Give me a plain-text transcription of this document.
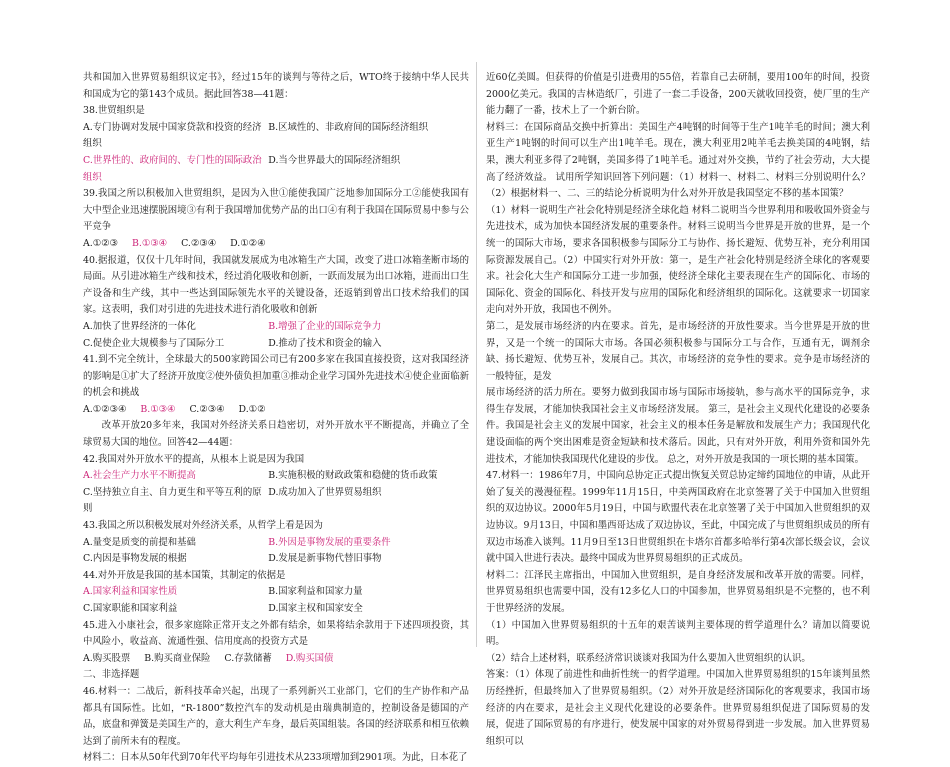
共和国加入世界贸易组织议定书》，经过15年的谈判与等待之后，WTO终于接纳中华人民共和国成为它的第143个成员。据此回答38—41题：

38.世贸组织是

A.专门协调对发展中国家贷款和投资的经济组织
B.区域性的、非政府间的国际经济组织
C.世界性的、政府间的、专门性的国际政治组织
D.当今世界最大的国际经济组织

39.我国之所以积极加入世贸组织，是因为入世①能使我国广泛地参加国际分工②能使我国有大中型企业迅速摆脱困境③有利于我国增加优势产品的出口④有利于我国在国际贸易中参与公平竞争

A.①②③ B.①③④ C.②③④ D.①②④

40.据报道，仅仅十几年时间，我国就发展成为电冰箱生产大国，改变了进口冰箱垄断市场的局面。从引进冰箱生产线和技术，经过消化吸收和创新，一跃而发展为出口冰箱，进而出口生产设备和生产线，其中一些达到国际领先水平的关键设备，还返销到曾出口技术给我们的国家。这表明，我们对引进的先进技术进行消化吸收和创新

A.加快了世界经济的一体化	B.增强了企业的国际竞争力
C.促使企业大规模参与了国际分工	D.推动了技术和资金的输入

41.到不完全统计，全球最大的500家跨国公司已有200多家在我国直接投资，这对我国经济的影响是①扩大了经济开放度②使外债负担加重③推动企业学习国外先进技术④使企业面临新的机会和挑战

A.①②③④ B.①③④ C.②③④ D.①②

改革开放20多年来，我国对外经济关系日趋密切，对外开放水平不断提高，并确立了全球贸易大国的地位。回答42—44题：

42.我国对外开放水平的提高，从根本上说是因为我国

A.社会生产力水平不断提高	B.实施积极的财政政策和稳健的货币政策
C.坚持独立自主、自力更生和平等互利的原则
D.成功加入了世界贸易组织

43.我国之所以积极发展对外经济关系，从哲学上看是因为

A.量变是质变的前提和基础	B.外因是事物发展的重要条件
C.内因是事物发展的根据	D.发展是新事物代替旧事物

44.对外开放是我国的基本国策，其制定的依据是

A.国家利益和国家性质	B.国家利益和国家力量
C.国家职能和国家利益	D.国家主权和国家安全

45.进入小康社会，很多家庭除正常开支之外都有结余，如果将结余款用于下述四项投资，其中风险小，收益高、流通性强、信用度高的投资方式是

A.购买股票 B.购买商业保险 C.存款储蓄 D.购买国债

二、非选择题

46.材料一：二战后，新科技革命兴起，出现了一系列新兴工业部门，它们的生产协作和产品都具有国际性。比如，“R-1800”数控汽车的发动机是由瑞典制造的，控制设备是德国的产品，底盘和弹簧是美国生产的，意大利生产车身，最后英国组装。各国的经济联系和相互依赖达到了前所未有的程度。

材料二：日本从50年代到70年代平均每年引进技术从233项增加到2901项。为此，日本花了

近60亿美圆。但获得的价值是引进费用的55倍，若靠自己去研制，要用100年的时间，投资2000亿美元。我国的吉林造纸厂，引进了一套二手设备，200天就收回投资，使厂里的生产能力翻了一番，技术上了一个新台阶。

材料三：在国际商品交换中折算出：美国生产4吨钢的时间等于生产1吨羊毛的时间；澳大利亚生产1吨钢的时间可以生产出1吨羊毛。现在，澳大利亚用2吨羊毛去换美国的4吨钢，结果，澳大利亚多得了2吨钢，美国多得了1吨羊毛。通过对外交换，节约了社会劳动，大大提高了经济效益。 试用所学知识回答下列问题：（1）材料一、材料二、材料三分别说明什么？（2）根据材料一、二、三的结论分析说明为什么对外开放是我国坚定不移的基本国策？

（1）材料一说明生产社会化特别是经济全球化趋 材料二说明当今世界利用和吸收国外资金与先进技术，成为加快本国经济发展的重要条件。材料三说明当今世界是开放的世界，是一个统一的国际大市场，要求各国积极参与国际分工与协作、扬长避短、优势互补，充分利用国际资源发展自己。（2）中国实行对外开放：第一，是生产社会化特别是经济全球化的客观要求。社会化大生产和国际分工进一步加强，使经济全球化主要表现在生产的国际化、市场的国际化、资金的国际化、科技开发与应用的国际化和经济组织的国际化。这就要求一切国家走向对外开放，我国也不例外。

第二，是发展市场经济的内在要求。首先，是市场经济的开放性要求。当今世界是开放的世界，又是一个统一的国际大市场。各国必须积极参与国际分工与合作，互通有无，调剂余缺、扬长避短、优势互补，发展自己。其次，市场经济的竞争性的要求。竞争是市场经济的一般特征，是发

展市场经济的活力所在。要努力做到我国市场与国际市场接轨，参与高水平的国际竞争，求得生存发展，才能加快我国社会主义市场经济发展。 第三，是社会主义现代化建设的必要条件。我国是社会主义的发展中国家，社会主义的根本任务是解放和发展生产力；我国现代化建设面临的两个突出困难是资金短缺和技术落后。因此，只有对外开放，利用外资和国外先进技术，才能加快我国现代化建设的步伐。 总之，对外开放是我国的一项长期的基本国策。

47.材料一：1986年7月，中国向总协定正式提出恢复关贸总协定缔约国地位的申请，从此开始了复关的漫漫征程。1999年11月15日，中美两国政府在北京签署了关于中国加入世贸组织的双边协议。2000年5月19日，中国与欧盟代表在北京签署了关于中国加入世贸组织的双边协议。9月13日，中国和墨西哥达成了双边协议，至此，中国完成了与世贸组织成员的所有双边市场准入谈判。11月9日至13日世贸组织在卡塔尔首都多哈举行第4次部长级会议，会议就中国入世进行表决。最终中国成为世界贸易组织的正式成员。

材料二：江泽民主席指出，中国加入世贸组织，是自身经济发展和改革开放的需要。同样，世界贸易组织也需要中国，没有12多亿人口的中国参加，世界贸易组织是不完整的，也不利于世界经济的发展。

（1）中国加入世界贸易组织的十五年的艰苦谈判主要体现的哲学道理什么？请加以简要说明。

（2）结合上述材料，联系经济常识谈谈对我国为什么要加入世贸组织的认识。

答案：（1）体现了前进性和曲折性统一的哲学道理。中国加入世界贸易组织的15年谈判虽然历经挫折，但最终加入了世界贸易组织。（2）对外开放是经济国际化的客观要求，我国市场经济的内在要求，是社会主义现代化建设的必要条件。世界贸易组织促进了国际贸易的发展，促进了国际贸易的有序进行，使发展中国家的对外贸易得到进一步发展。加入世界贸易组织可以
